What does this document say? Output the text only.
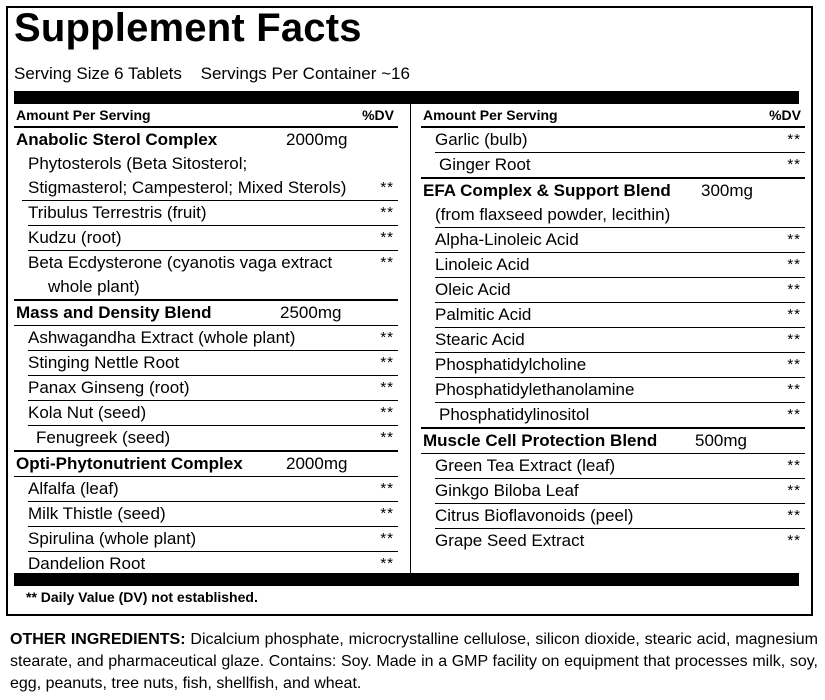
Supplement Facts
Serving Size 6 Tablets Servings Per Container ~16
Amount Per Serving	%DV
Anabolic Sterol Complex	2000mg
Phytosterols (Beta Sitosterol;
Stigmasterol; Campesterol; Mixed Sterols)	**
Tribulus Terrestris (fruit)	**
Kudzu (root)	**
Beta Ecdysterone (cyanotis vaga extract	**
whole plant)
Mass and Density Blend	2500mg
Ashwagandha Extract (whole plant)	**
Stinging Nettle Root	**
Panax Ginseng (root)	**
Kola Nut (seed)	**
Fenugreek (seed)	**
Opti-Phytonutrient Complex	2000mg
Alfalfa (leaf)	**
Milk Thistle (seed)	**
Spirulina (whole plant)	**
Dandelion Root	**
Amount Per Serving	%DV
Garlic (bulb)	**
Ginger Root	**
EFA Complex & Support Blend 300mg
(from flaxseed powder, lecithin)
Alpha-Linoleic Acid	**
Linoleic Acid	**
Oleic Acid	**
Palmitic Acid	**
Stearic Acid	**
Phosphatidylcholine	**
Phosphatidylethanolamine	**
Phosphatidylinositol	**
Muscle Cell Protection Blend 500mg
Green Tea Extract (leaf)	**
Ginkgo Biloba Leaf	**
Citrus Bioflavonoids (peel)	**
Grape Seed Extract	**
** Daily Value (DV) not established.
OTHER INGREDIENTS: Dicalcium phosphate, microcrystalline cellulose, silicon dioxide, stearic acid, magnesium stearate, and pharmaceutical glaze. Contains: Soy. Made in a GMP facility on equipment that processes milk, soy, egg, peanuts, tree nuts, fish, shellfish, and wheat.
